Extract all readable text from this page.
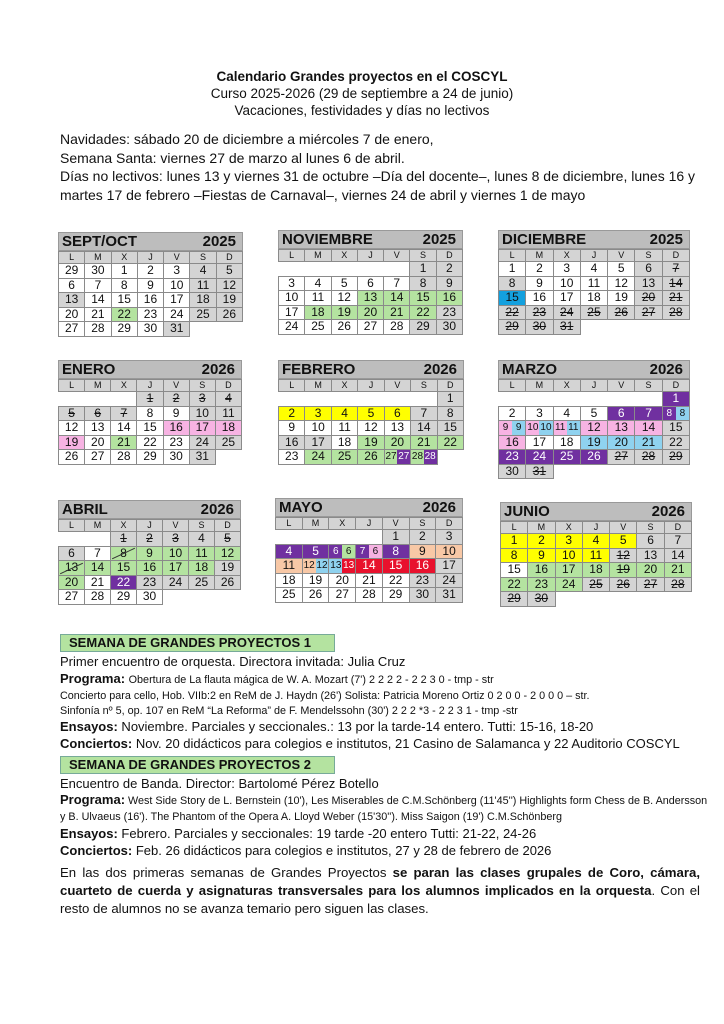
Calendario Grandes proyectos en el COSCYL
Curso 2025-2026 (29 de septiembre a 24 de junio)
Vacaciones, festividades y días no lectivos
Navidades: sábado 20 de diciembre a miércoles 7 de enero,
Semana Santa: viernes 27 de marzo al lunes 6 de abril.
Días no lectivos: lunes 13 y viernes 31 de octubre –Día del docente–, lunes 8 de diciembre, lunes 16 y martes 17 de febrero –Fiestas de Carnaval–, viernes 24 de abril y viernes 1 de mayo
SEPT/OCT	2025
L	M	X	J	V	S	D
29	30	1	2	3	4	5
6	7	8	9	10	11	12
13	14	15	16	17	18	19
20	21	22	23	24	25	26
27	28	29	30	31		
NOVIEMBRE	2025
L	M	X	J	V	S	D
					1	2
3	4	5	6	7	8	9
10	11	12	13	14	15	16
17	18	19	20	21	22	23
24	25	26	27	28	29	30
DICIEMBRE	2025
L	M	X	J	V	S	D
1	2	3	4	5	6	7
8	9	10	11	12	13	14
15	16	17	18	19	20	21
22	23	24	25	26	27	28
29	30	31				
ENERO	2026
L	M	X	J	V	S	D
			1	2	3	4
5	6	7	8	9	10	11
12	13	14	15	16	17	18
19	20	21	22	23	24	25
26	27	28	29	30	31	
FEBRERO	2026
L	M	X	J	V	S	D
						1
2	3	4	5	6	7	8
9	10	11	12	13	14	15
16	17	18	19	20	21	22
23	24	25	26	27 27	28 28	

MARZO	2026
L	M	X	J	V	S	D
						1
2	3	4	5	6	7	8 8

9 9	10 10	11 11	12	13	14	15
16	17	18	19	20	21	22
23	24	25	26	27	28	29
30	31					
ABRIL	2026
L	M	X	J	V	S	D
		1	2	3	4	5
6	7	8	9	10	11	12
13	14	15	16	17	18	19
20	21	22	23	24	25	26
27	28	29	30			
MAYO	2026
L	M	X	J	V	S	D
				1	2	3
4	5	6 6	7 6	8	9	10
11	12 12	13 13	14	15	16	17
18	19	20	21	22	23	24
25	26	27	28	29	30	31
JUNIO	2026
L	M	X	J	V	S	D
1	2	3	4	5	6	7
8	9	10	11	12	13	14
15	16	17	18	19	20	21
22	23	24	25	26	27	28
29	30					
SEMANA DE GRANDES PROYECTOS 1
Primer encuentro de orquesta. Directora invitada: Julia Cruz
Programa: Obertura de La flauta mágica de W. A. Mozart (7') 2 2 2 2 - 2 2 3 0 - tmp - str
Concierto para cello, Hob. VIIb:2 en ReM de J. Haydn (26') Solista: Patricia Moreno Ortiz 0 2 0 0 - 2 0 0 0 – str.
Sinfonía nº 5, op. 107 en ReM “La Reforma” de F. Mendelssohn (30') 2 2 2 *3 - 2 2 3 1 - tmp -str
Ensayos: Noviembre. Parciales y seccionales.: 13 por la tarde-14 entero. Tutti: 15-16, 18-20
Conciertos: Nov. 20 didácticos para colegios e institutos, 21 Casino de Salamanca y 22 Auditorio COSCYL
SEMANA DE GRANDES PROYECTOS 2
Encuentro de Banda. Director: Bartolomé Pérez Botello
Programa: West Side Story de L. Bernstein (10'), Les Miserables de C.M.Schönberg (11'45'') Highlights form Chess de B. Andersson y B. Ulvaeus (16'). The Phantom of the Opera A. Lloyd Weber (15'30''). Miss Saigon (19') C.M.Schönberg
Ensayos: Febrero. Parciales y seccionales: 19 tarde -20 entero Tutti: 21-22, 24-26
Conciertos: Feb. 26 didácticos para colegios e institutos, 27 y 28 de febrero de 2026
En las dos primeras semanas de Grandes Proyectos se paran las clases grupales de Coro, cámara, cuarteto de cuerda y asignaturas transversales para los alumnos implicados en la orquesta. Con el resto de alumnos no se avanza temario pero siguen las clases.
